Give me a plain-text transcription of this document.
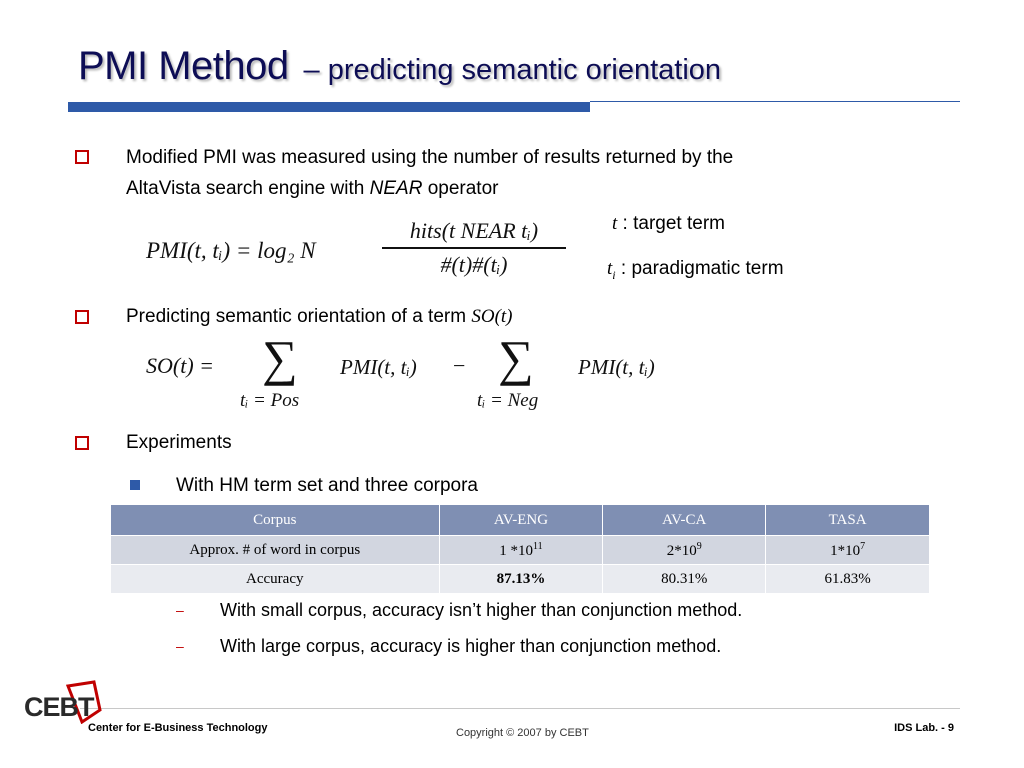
PMI Method – predicting semantic orientation
Modified PMI was measured using the number of results returned by the
AltaVista search engine with NEAR operator
PMI(t, tᵢ) = log₂ N
hits(t NEAR tᵢ)
#(t)#(tᵢ)
t : target term
$t_i$ : paradigmatic term
Predicting semantic orientation of a term SO(t)
SO(t) = ∑
tᵢ = Pos
PMI(t, tᵢ) − ∑
tᵢ = Neg
PMI(t, tᵢ)
Experiments
With HM term set and three corpora
Corpus	AV-ENG	AV-CA	TASA
Approx. # of word in corpus	1 $*10^{11}$	$2*10^9$	$1*10^7$
Accuracy	87.13%	80.31%	61.83%
– With small corpus, accuracy isn’t higher than conjunction method.
– With large corpus, accuracy is higher than conjunction method.
CEBT
Center for E-Business Technology	Copyright © 2007 by CEBT	IDS Lab. - 9
